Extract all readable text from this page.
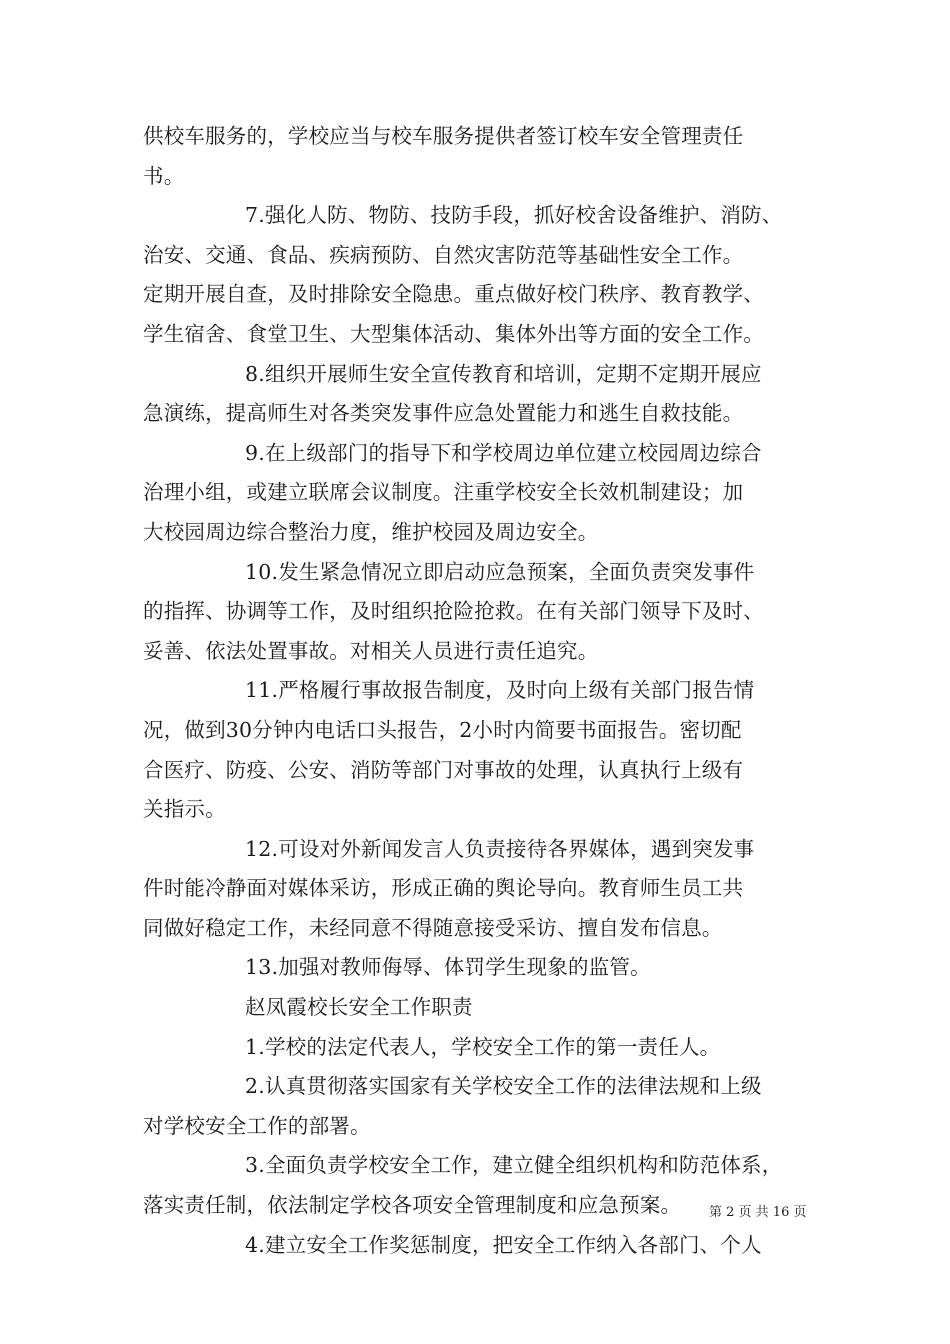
供校车服务的，学校应当与校车服务提供者签订校车安全管理责任
书。
7.强化人防、物防、技防手段，抓好校舍设备维护、消防、
治安、交通、食品、疾病预防、自然灾害防范等基础性安全工作。
定期开展自查，及时排除安全隐患。重点做好校门秩序、教育教学、
学生宿舍、食堂卫生、大型集体活动、集体外出等方面的安全工作。
8.组织开展师生安全宣传教育和培训，定期不定期开展应
急演练，提高师生对各类突发事件应急处置能力和逃生自救技能。
9.在上级部门的指导下和学校周边单位建立校园周边综合
治理小组，或建立联席会议制度。注重学校安全长效机制建设；加
大校园周边综合整治力度，维护校园及周边安全。
10.发生紧急情况立即启动应急预案，全面负责突发事件
的指挥、协调等工作，及时组织抢险抢救。在有关部门领导下及时、
妥善、依法处置事故。对相关人员进行责任追究。
11.严格履行事故报告制度，及时向上级有关部门报告情
况，做到30分钟内电话口头报告，2小时内简要书面报告。密切配
合医疗、防疫、公安、消防等部门对事故的处理，认真执行上级有
关指示。
12.可设对外新闻发言人负责接待各界媒体，遇到突发事
件时能冷静面对媒体采访，形成正确的舆论导向。教育师生员工共
同做好稳定工作，未经同意不得随意接受采访、擅自发布信息。
13.加强对教师侮辱、体罚学生现象的监管。
赵凤霞校长安全工作职责
1.学校的法定代表人，学校安全工作的第一责任人。
2.认真贯彻落实国家有关学校安全工作的法律法规和上级
对学校安全工作的部署。
3.全面负责学校安全工作，建立健全组织机构和防范体系，
落实责任制，依法制定学校各项安全管理制度和应急预案。
4.建立安全工作奖惩制度，把安全工作纳入各部门、个人
第 2 页 共 16 页
